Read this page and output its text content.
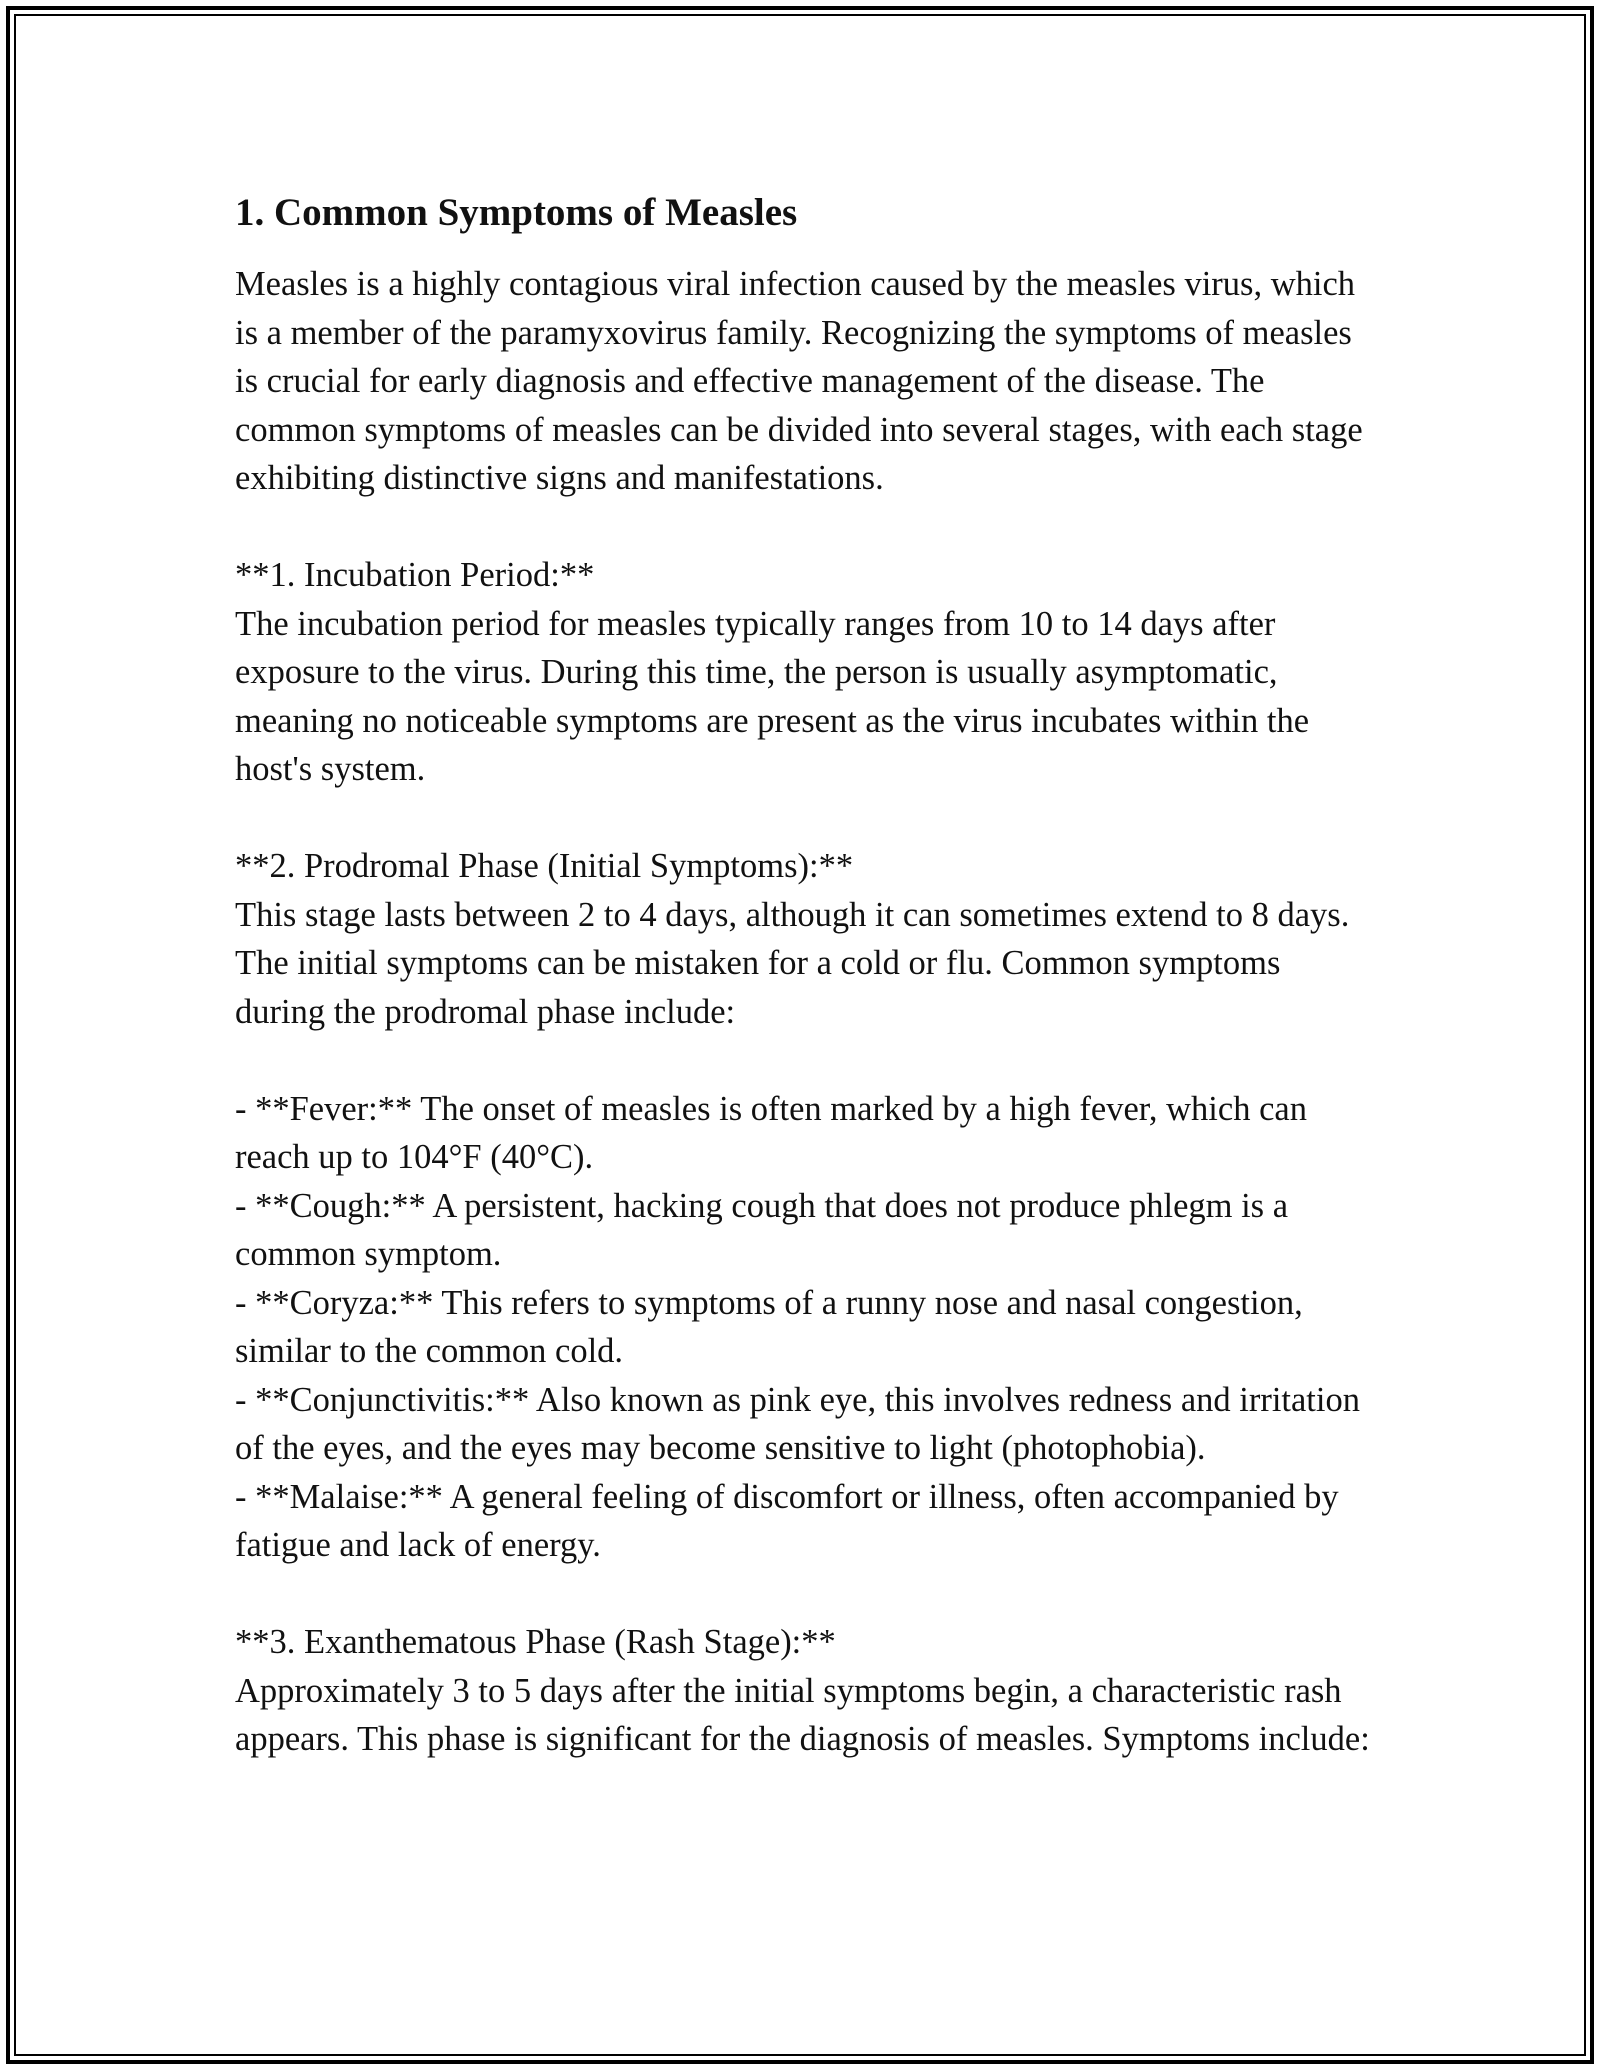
1. Common Symptoms of Measles

Measles is a highly contagious viral infection caused by the measles virus, which is a member of the paramyxovirus family. Recognizing the symptoms of measles is crucial for early diagnosis and effective management of the disease. The common symptoms of measles can be divided into several stages, with each stage exhibiting distinctive signs and manifestations.

**1. Incubation Period:**

The incubation period for measles typically ranges from 10 to 14 days after exposure to the virus. During this time, the person is usually asymptomatic, meaning no noticeable symptoms are present as the virus incubates within the host's system.

**2. Prodromal Phase (Initial Symptoms):**

This stage lasts between 2 to 4 days, although it can sometimes extend to 8 days. The initial symptoms can be mistaken for a cold or flu. Common symptoms during the prodromal phase include:

- **Fever:** The onset of measles is often marked by a high fever, which can reach up to 104°F (40°C).

- **Cough:** A persistent, hacking cough that does not produce phlegm is a common symptom.

- **Coryza:** This refers to symptoms of a runny nose and nasal congestion, similar to the common cold.

- **Conjunctivitis:** Also known as pink eye, this involves redness and irritation of the eyes, and the eyes may become sensitive to light (photophobia).

- **Malaise:** A general feeling of discomfort or illness, often accompanied by fatigue and lack of energy.

**3. Exanthematous Phase (Rash Stage):**

Approximately 3 to 5 days after the initial symptoms begin, a characteristic rash appears. This phase is significant for the diagnosis of measles. Symptoms include:
